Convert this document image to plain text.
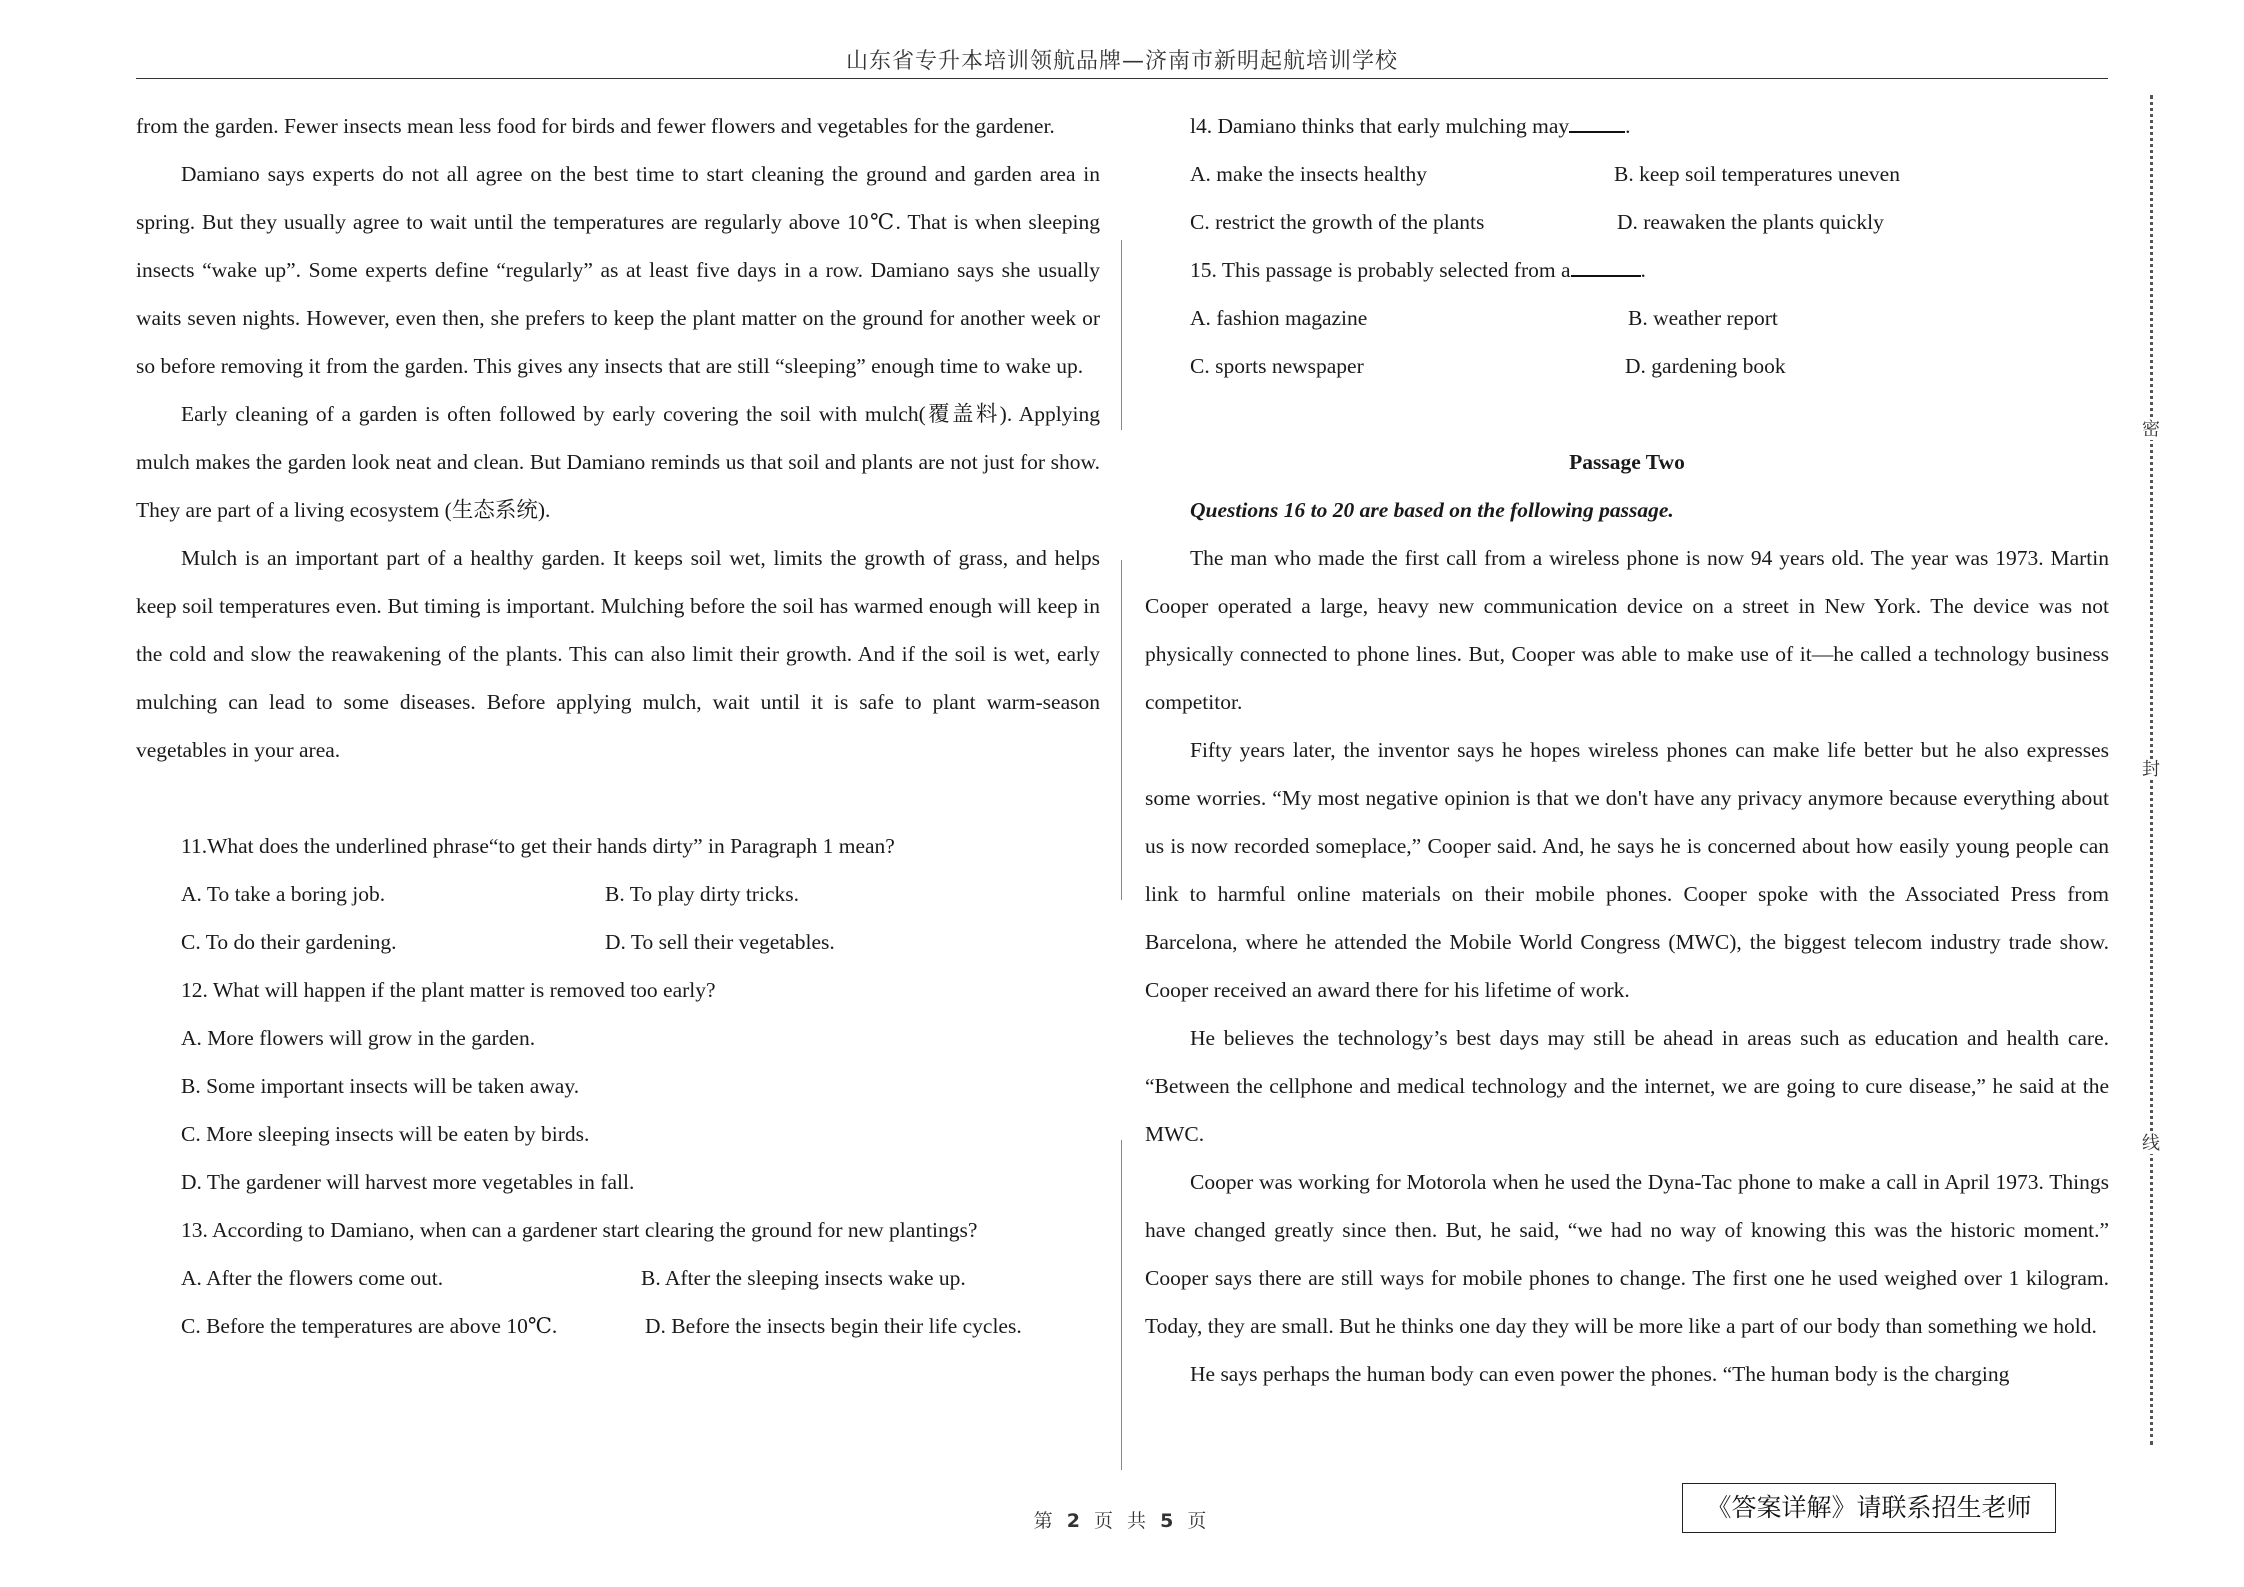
山东省专升本培训领航品牌—济南市新明起航培训学校

from the garden. Fewer insects mean less food for birds and fewer flowers and vegetables for the gardener.

Damiano says experts do not all agree on the best time to start cleaning the ground and garden area in spring. But they usually agree to wait until the temperatures are regularly above 10℃. That is when sleeping insects “wake up”. Some experts define “regularly” as at least five days in a row. Damiano says she usually waits seven nights. However, even then, she prefers to keep the plant matter on the ground for another week or so before removing it from the garden. This gives any insects that are still “sleeping” enough time to wake up.

Early cleaning of a garden is often followed by early covering the soil with mulch(覆盖料). Applying mulch makes the garden look neat and clean. But Damiano reminds us that soil and plants are not just for show. They are part of a living ecosystem (生态系统).

Mulch is an important part of a healthy garden. It keeps soil wet, limits the growth of grass, and helps keep soil temperatures even. But timing is important. Mulching before the soil has warmed enough will keep in the cold and slow the reawakening of the plants. This can also limit their growth. And if the soil is wet, early mulching can lead to some diseases. Before applying mulch, wait until it is safe to plant warm-season vegetables in your area.

11.What does the underlined phrase“to get their hands dirty” in Paragraph 1 mean?

A. To take a boring job.	B. To play dirty tricks.
C. To do their gardening.	D. To sell their vegetables.

12. What will happen if the plant matter is removed too early?

A. More flowers will grow in the garden.

B. Some important insects will be taken away.

C. More sleeping insects will be eaten by birds.

D. The gardener will harvest more vegetables in fall.

13. According to Damiano, when can a gardener start clearing the ground for new plantings?

A. After the flowers come out.	B. After the sleeping insects wake up.
C. Before the temperatures are above 10℃.	D. Before the insects begin their life cycles.

l4. Damiano thinks that early mulching may	.

A. make the insects healthy	B. keep soil temperatures uneven
C. restrict the growth of the plants	D. reawaken the plants quickly

15. This passage is probably selected from a	.

A. fashion magazine	B. weather report
C. sports newspaper	D. gardening book

Passage Two

Questions 16 to 20 are based on the following passage.

The man who made the first call from a wireless phone is now 94 years old. The year was 1973. Martin Cooper operated a large, heavy new communication device on a street in New York. The device was not physically connected to phone lines. But, Cooper was able to make use of it—he called a technology business competitor.

Fifty years later, the inventor says he hopes wireless phones can make life better but he also expresses some worries. “My most negative opinion is that we don't have any privacy anymore because everything about us is now recorded someplace,” Cooper said. And, he says he is concerned about how easily young people can link to harmful online materials on their mobile phones. Cooper spoke with the Associated Press from Barcelona, where he attended the Mobile World Congress (MWC), the biggest telecom industry trade show. Cooper received an award there for his lifetime of work.

He believes the technology’s best days may still be ahead in areas such as education and health care. “Between the cellphone and medical technology and the internet, we are going to cure disease,” he said at the MWC.

Cooper was working for Motorola when he used the Dyna-Tac phone to make a call in April 1973. Things have changed greatly since then. But, he said, “we had no way of knowing this was the historic moment.” Cooper says there are still ways for mobile phones to change. The first one he used weighed over 1 kilogram. Today, they are small. But he thinks one day they will be more like a part of our body than something we hold.

He says perhaps the human body can even power the phones. “The human body is the charging

密
封
线
第 2 页 共 5 页	《答案详解》请联系招生老师
